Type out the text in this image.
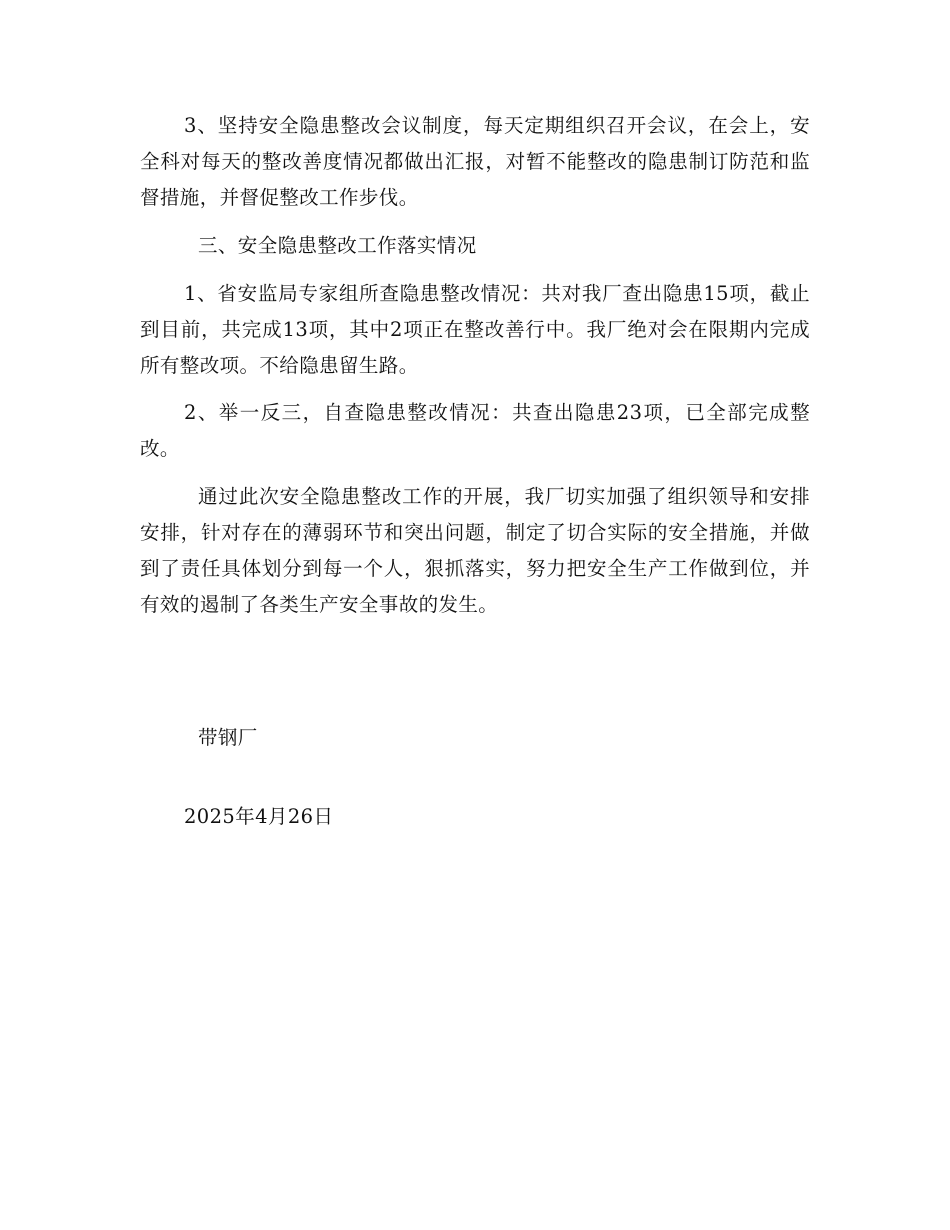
3、坚持安全隐患整改会议制度，每天定期组织召开会议，在会上，安全科对每天的整改善度情况都做出汇报，对暂不能整改的隐患制订防范和监督措施，并督促整改工作步伐。

三、安全隐患整改工作落实情况

1、省安监局专家组所查隐患整改情况：共对我厂查出隐患15项，截止到目前，共完成13项，其中2项正在整改善行中。我厂绝对会在限期内完成所有整改项。不给隐患留生路。

2、举一反三，自查隐患整改情况：共查出隐患23项，已全部完成整改。

通过此次安全隐患整改工作的开展，我厂切实加强了组织领导和安排安排，针对存在的薄弱环节和突出问题，制定了切合实际的安全措施，并做到了责任具体划分到每一个人，狠抓落实，努力把安全生产工作做到位，并有效的遏制了各类生产安全事故的发生。

带钢厂

2025年4月26日
